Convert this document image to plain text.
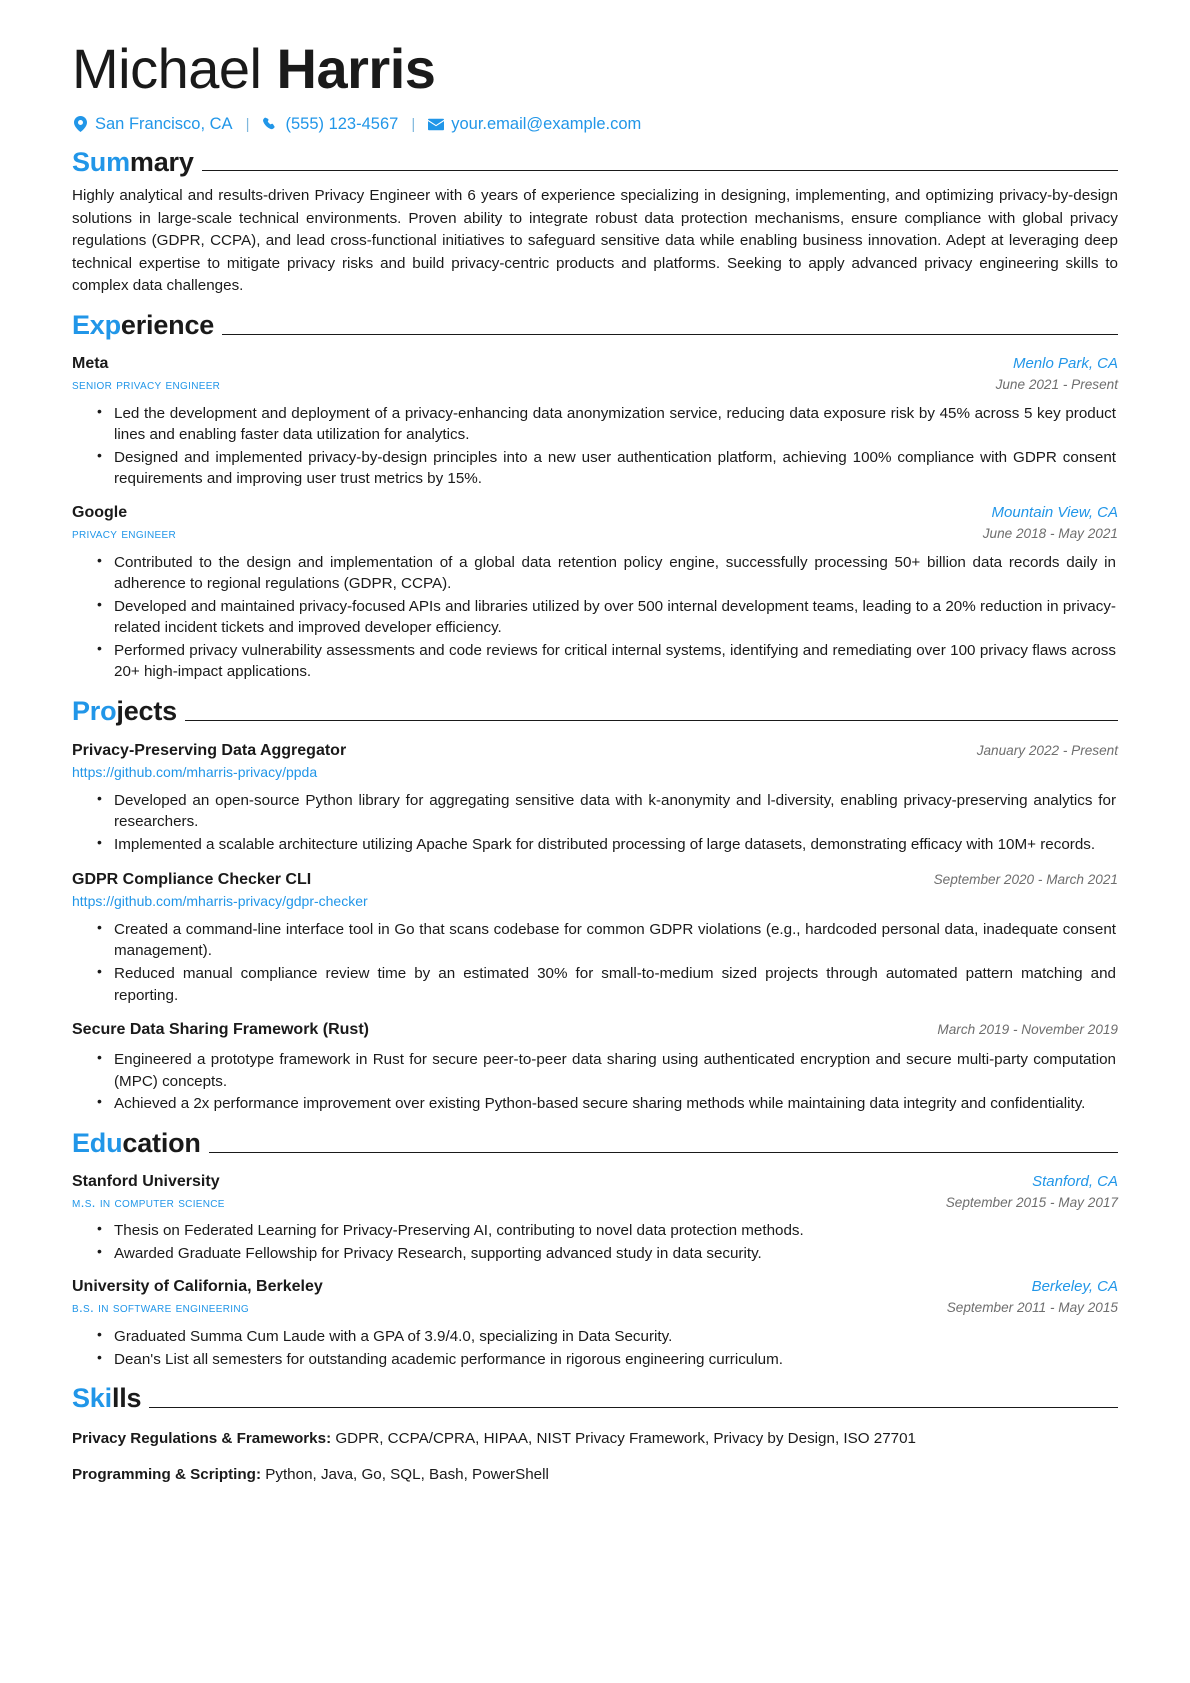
Michael Harris
San Francisco, CA |	(555) 123-4567 |	your.email@example.com
Summary

Highly analytical and results-driven Privacy Engineer with 6 years of experience specializing in designing, implementing, and optimizing privacy-by-design solutions in large-scale technical environments. Proven ability to integrate robust data protection mechanisms, ensure compliance with global privacy regulations (GDPR, CCPA), and lead cross-functional initiatives to safeguard sensitive data while enabling business innovation. Adept at leveraging deep technical expertise to mitigate privacy risks and build privacy-centric products and platforms. Seeking to apply advanced privacy engineering skills to complex data challenges.

Experience
Meta	Menlo Park, CA
senior privacy engineer	June 2021 - Present
• Led the development and deployment of a privacy-enhancing data anonymization service, reducing data exposure risk by 45% across 5 key product lines and enabling faster data utilization for analytics.
• Designed and implemented privacy-by-design principles into a new user authentication platform, achieving 100% compliance with GDPR consent requirements and improving user trust metrics by 15%.
Google	Mountain View, CA
privacy engineer	June 2018 - May 2021
• Contributed to the design and implementation of a global data retention policy engine, successfully processing 50+ billion data records daily in adherence to regional regulations (GDPR, CCPA).
• Developed and maintained privacy-focused APIs and libraries utilized by over 500 internal development teams, leading to a 20% reduction in privacy-related incident tickets and improved developer efficiency.
• Performed privacy vulnerability assessments and code reviews for critical internal systems, identifying and remediating over 100 privacy flaws across 20+ high-impact applications.
Projects
Privacy-Preserving Data Aggregator	January 2022 - Present
https://github.com/mharris-privacy/ppda
• Developed an open-source Python library for aggregating sensitive data with k-anonymity and l-diversity, enabling privacy-preserving analytics for researchers.
• Implemented a scalable architecture utilizing Apache Spark for distributed processing of large datasets, demonstrating efficacy with 10M+ records.
GDPR Compliance Checker CLI	September 2020 - March 2021
https://github.com/mharris-privacy/gdpr-checker
• Created a command-line interface tool in Go that scans codebase for common GDPR violations (e.g., hardcoded personal data, inadequate consent management).
• Reduced manual compliance review time by an estimated 30% for small-to-medium sized projects through automated pattern matching and reporting.
Secure Data Sharing Framework (Rust)	March 2019 - November 2019
• Engineered a prototype framework in Rust for secure peer-to-peer data sharing using authenticated encryption and secure multi-party computation (MPC) concepts.
• Achieved a 2x performance improvement over existing Python-based secure sharing methods while maintaining data integrity and confidentiality.
Education
Stanford University	Stanford, CA
m.s. in computer science	September 2015 - May 2017
• Thesis on Federated Learning for Privacy-Preserving AI, contributing to novel data protection methods.
• Awarded Graduate Fellowship for Privacy Research, supporting advanced study in data security.
University of California, Berkeley	Berkeley, CA
b.s. in software engineering	September 2011 - May 2015
• Graduated Summa Cum Laude with a GPA of 3.9/4.0, specializing in Data Security.
• Dean's List all semesters for outstanding academic performance in rigorous engineering curriculum.
Skills
Privacy Regulations & Frameworks: GDPR, CCPA/CPRA, HIPAA, NIST Privacy Framework, Privacy by Design, ISO 27701
Programming & Scripting: Python, Java, Go, SQL, Bash, PowerShell
